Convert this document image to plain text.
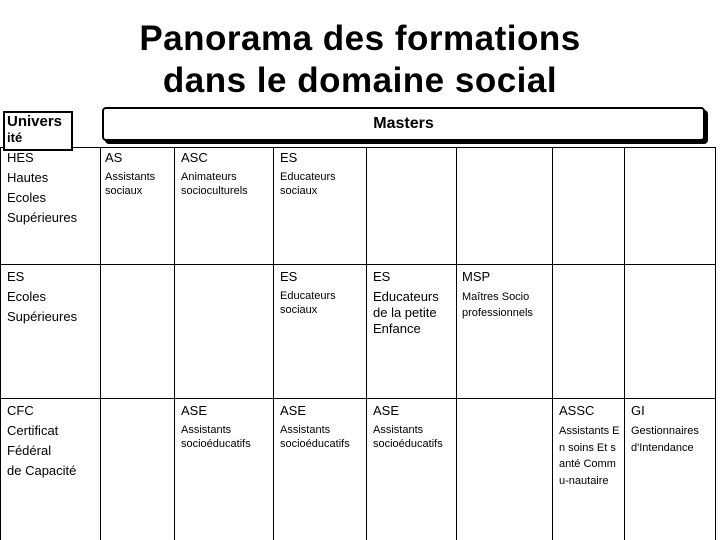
Panorama des formations
dans le domaine social
Univers
ité
Masters
HES
Hautes
Ecoles
Supérieures
ES
Ecoles
Supérieures
CFC
Certificat
Fédéral
de Capacité
AS
Assistants sociaux
ASC
Animateurs socioculturels
ES
Educateurs sociaux
ES
Educateurs sociaux
ES
Educateurs de la petite Enfance
MSP
Maîtres Socio professionnels
ASE
Assistants socioéducatifs
ASE
Assistants socioéducatifs
ASE
Assistants socioéducatifs
ASSC
Assistants En soins Et santé Commu-nautaire
GI
Gestionnaires d'Intendance
